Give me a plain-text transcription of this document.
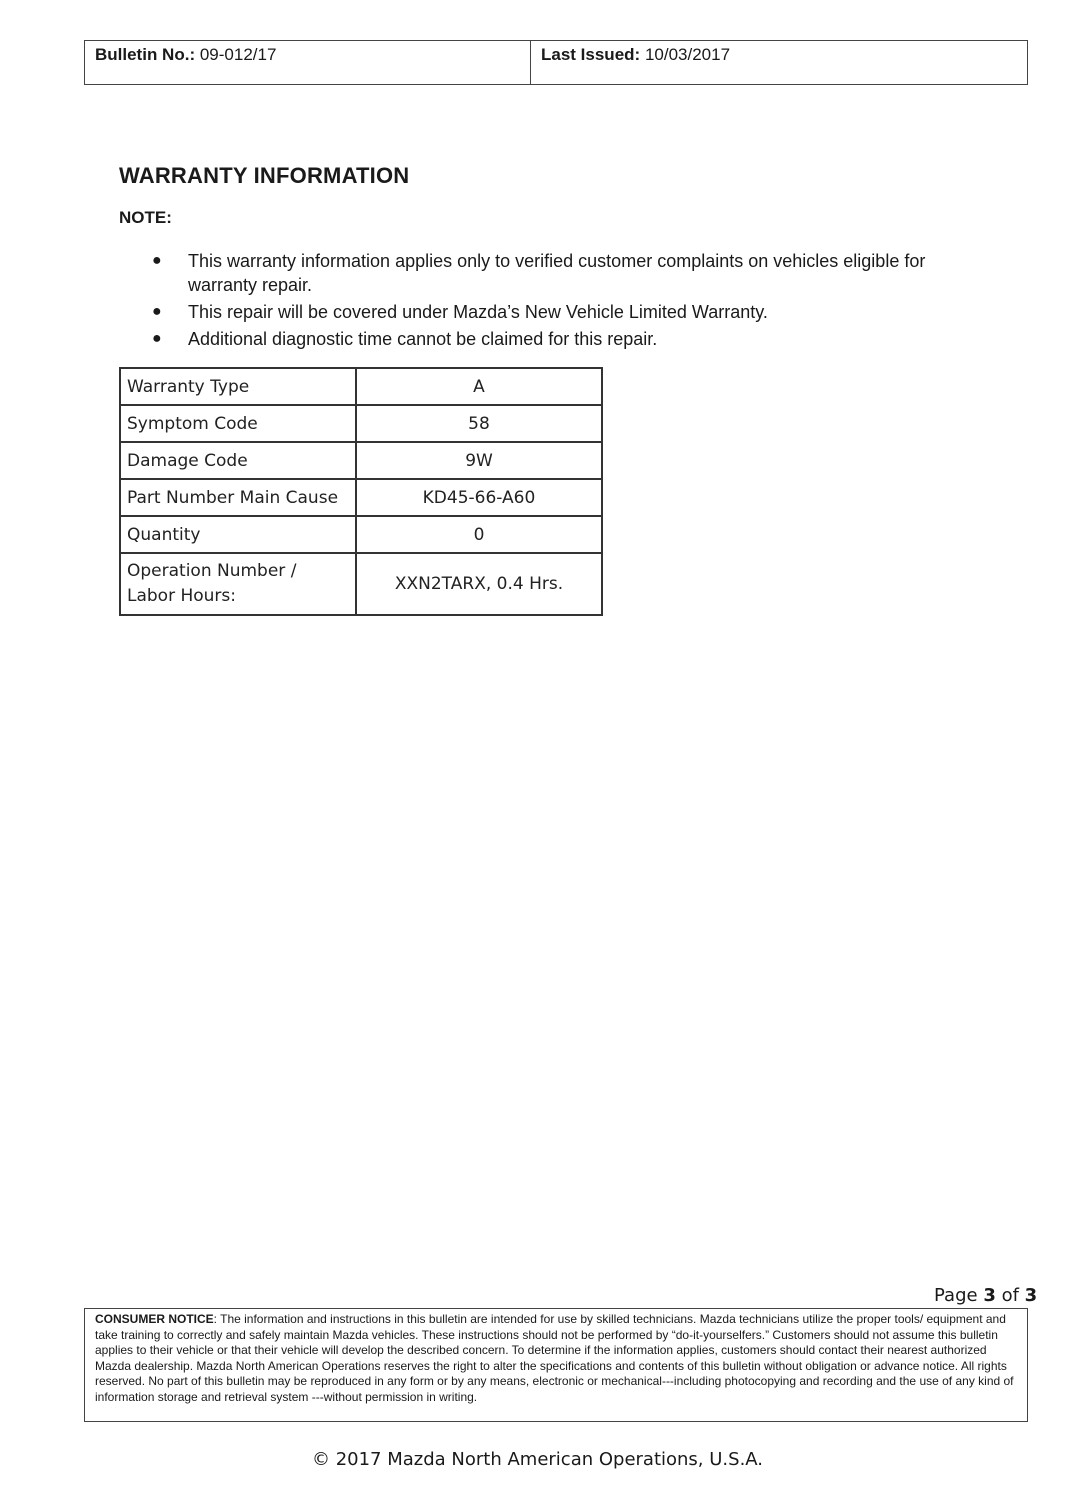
Bulletin No.: 09-012/17	Last Issued: 10/03/2017
WARRANTY INFORMATION
NOTE:
● This warranty information applies only to verified customer complaints on vehicles eligible for warranty repair.
● This repair will be covered under Mazda’s New Vehicle Limited Warranty.
● Additional diagnostic time cannot be claimed for this repair.
Warranty Type	A
Symptom Code	58
Damage Code	9W
Part Number Main Cause	KD45-66-A60
Quantity	0
Operation Number / Labor Hours:	XXN2TARX, 0.4 Hrs.
Page 3 of 3
CONSUMER NOTICE: The information and instructions in this bulletin are intended for use by skilled technicians. Mazda technicians utilize the proper tools/ equipment and take training to correctly and safely maintain Mazda vehicles. These instructions should not be performed by “do-it-yourselfers.” Customers should not assume this bulletin applies to their vehicle or that their vehicle will develop the described concern. To determine if the information applies, customers should contact their nearest authorized Mazda dealership. Mazda North American Operations reserves the right to alter the specifications and contents of this bulletin without obligation or advance notice. All rights reserved. No part of this bulletin may be reproduced in any form or by any means, electronic or mechanical---including photocopying and recording and the use of any kind of information storage and retrieval system ---without permission in writing.
© 2017 Mazda North American Operations, U.S.A.
